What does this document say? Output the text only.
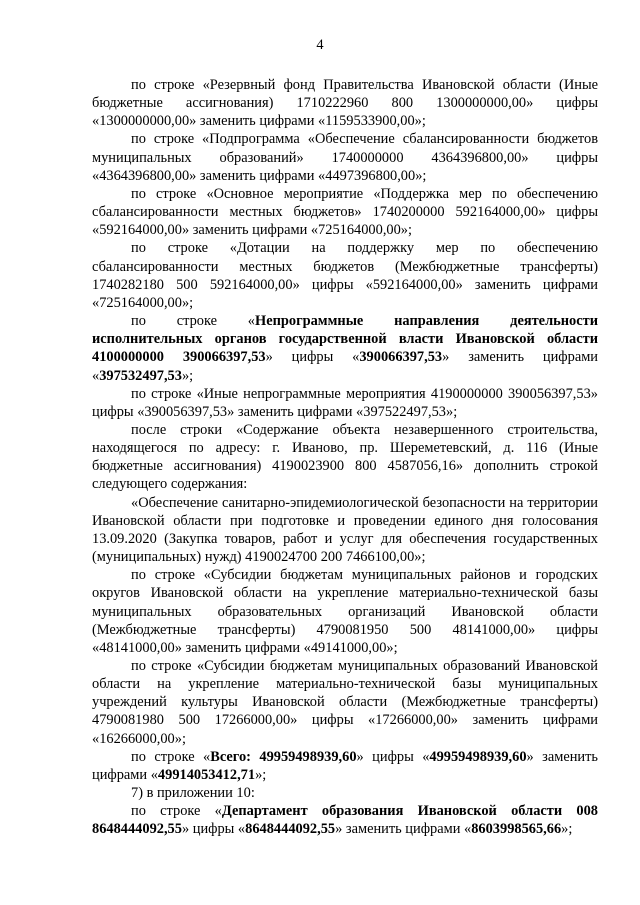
4

по строке «Резервный фонд Правительства Ивановской области (Иные бюджетные ассигнования) 1710222960 800 1300000000,00» цифры «1300000000,00» заменить цифрами «1159533900,00»;

по строке «Подпрограмма «Обеспечение сбалансированности бюджетов муниципальных образований» 1740000000 4364396800,00» цифры «4364396800,00» заменить цифрами «4497396800,00»;

по строке «Основное мероприятие «Поддержка мер по обеспечению сбалансированности местных бюджетов» 1740200000 592164000,00» цифры «592164000,00» заменить цифрами «725164000,00»;

по строке «Дотации на поддержку мер по обеспечению сбалансированности местных бюджетов (Межбюджетные трансферты) 1740282180 500 592164000,00» цифры «592164000,00» заменить цифрами «725164000,00»;

по строке «Непрограммные направления деятельности исполнительных органов государственной власти Ивановской области 4100000000 390066397,53» цифры «390066397,53» заменить цифрами «397532497,53»;

по строке «Иные непрограммные мероприятия 4190000000 390056397,53» цифры «390056397,53» заменить цифрами «397522497,53»;

после строки «Содержание объекта незавершенного строительства, находящегося по адресу: г. Иваново, пр. Шереметевский, д. 116 (Иные бюджетные ассигнования) 4190023900 800 4587056,16» дополнить строкой следующего содержания:

«Обеспечение санитарно-эпидемиологической безопасности на территории Ивановской области при подготовке и проведении единого дня голосования 13.09.2020 (Закупка товаров, работ и услуг для обеспечения государственных (муниципальных) нужд) 4190024700 200 7466100,00»;

по строке «Субсидии бюджетам муниципальных районов и городских округов Ивановской области на укрепление материально-технической базы муниципальных образовательных организаций Ивановской области (Межбюджетные трансферты) 4790081950 500 48141000,00» цифры «48141000,00» заменить цифрами «49141000,00»;

по строке «Субсидии бюджетам муниципальных образований Ивановской области на укрепление материально-технической базы муниципальных учреждений культуры Ивановской области (Межбюджетные трансферты) 4790081980 500 17266000,00» цифры «17266000,00» заменить цифрами «16266000,00»;

по строке «Всего: 49959498939,60» цифры «49959498939,60» заменить цифрами «49914053412,71»;

7) в приложении 10:

по строке «Департамент образования Ивановской области 008 8648444092,55» цифры «8648444092,55» заменить цифрами «8603998565,66»;
